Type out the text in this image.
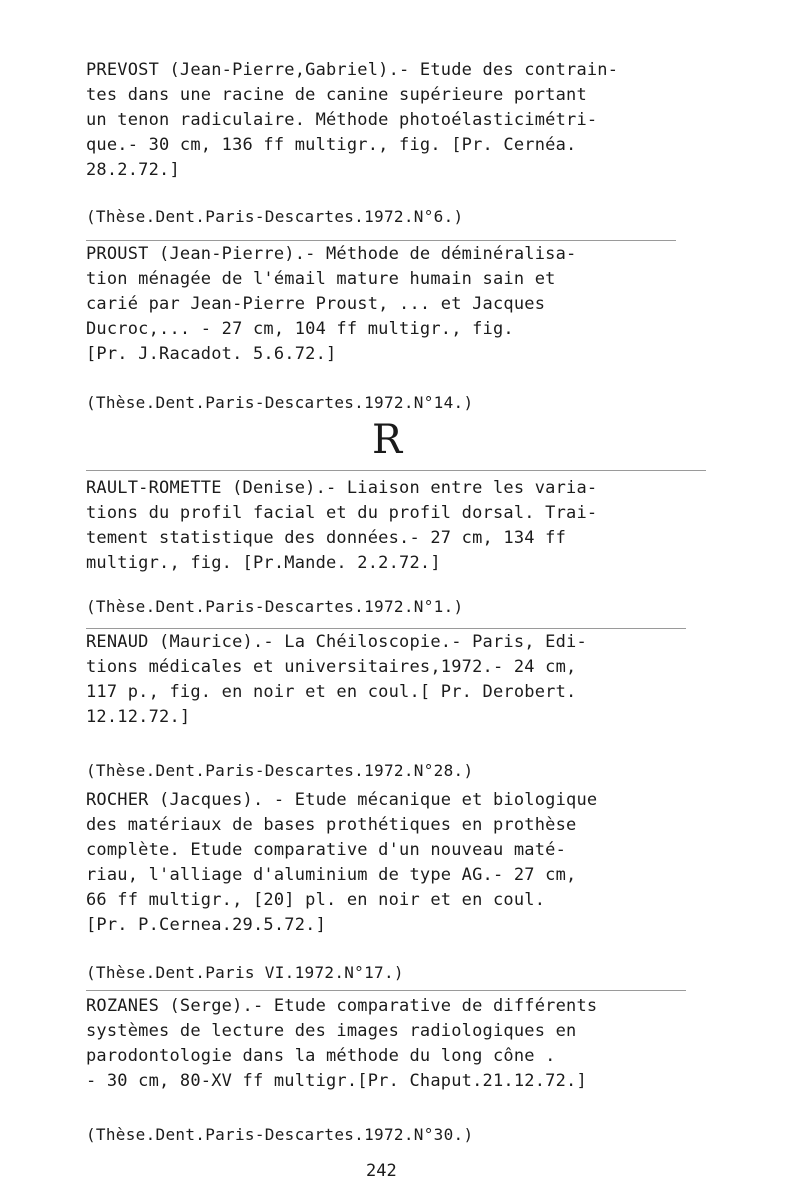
PREVOST (Jean-Pierre,Gabriel).- Etude des contrain-
tes dans une racine de canine supérieure portant
un tenon radiculaire. Méthode photoélasticimétri-
que.- 30 cm, 136 ff multigr., fig. [Pr. Cernéa.
28.2.72.]
(Thèse.Dent.Paris-Descartes.1972.N°6.)
PROUST (Jean-Pierre).- Méthode de déminéralisa-
tion ménagée de l'émail mature humain sain et
carié par Jean-Pierre Proust, ... et Jacques
Ducroc,... - 27 cm, 104 ff multigr., fig.
[Pr. J.Racadot. 5.6.72.]
(Thèse.Dent.Paris-Descartes.1972.N°14.)
R
RAULT-ROMETTE (Denise).- Liaison entre les varia-
tions du profil facial et du profil dorsal. Trai-
tement statistique des données.- 27 cm, 134 ff
multigr., fig. [Pr.Mande. 2.2.72.]
(Thèse.Dent.Paris-Descartes.1972.N°1.)
RENAUD (Maurice).- La Chéiloscopie.- Paris, Edi-
tions médicales et universitaires,1972.- 24 cm,
117 p., fig. en noir et en coul.[ Pr. Derobert.
12.12.72.]
(Thèse.Dent.Paris-Descartes.1972.N°28.)
ROCHER (Jacques). - Etude mécanique et biologique
des matériaux de bases prothétiques en prothèse
complète. Etude comparative d'un nouveau maté-
riau, l'alliage d'aluminium de type AG.- 27 cm,
66 ff multigr., [20] pl. en noir et en coul.
[Pr. P.Cernea.29.5.72.]
(Thèse.Dent.Paris VI.1972.N°17.)
ROZANES (Serge).- Etude comparative de différents
systèmes de lecture des images radiologiques en
parodontologie dans la méthode du long cône .
- 30 cm, 80-XV ff multigr.[Pr. Chaput.21.12.72.]
(Thèse.Dent.Paris-Descartes.1972.N°30.)
242
